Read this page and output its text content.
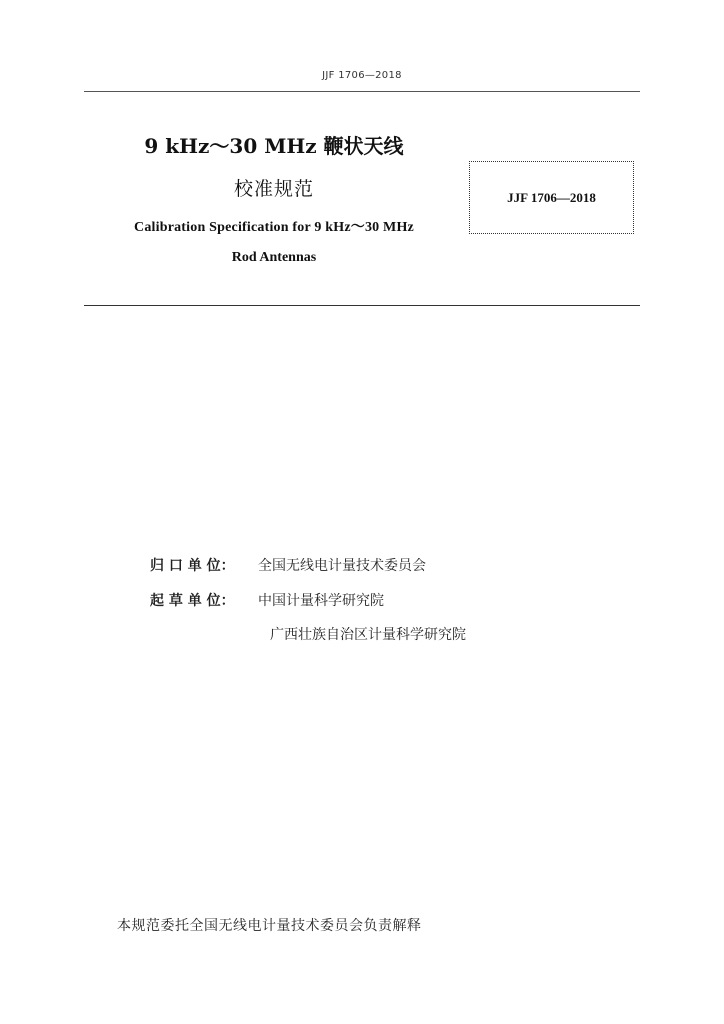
JJF 1706—2018
9 kHz～30 MHz 鞭状天线
校准规范
Calibration Specification for 9 kHz～30 MHz
Rod Antennas
JJF 1706—2018
归 口 单 位： 全国无线电计量技术委员会
起 草 单 位： 中国计量科学研究院
广西壮族自治区计量科学研究院
本规范委托全国无线电计量技术委员会负责解释
